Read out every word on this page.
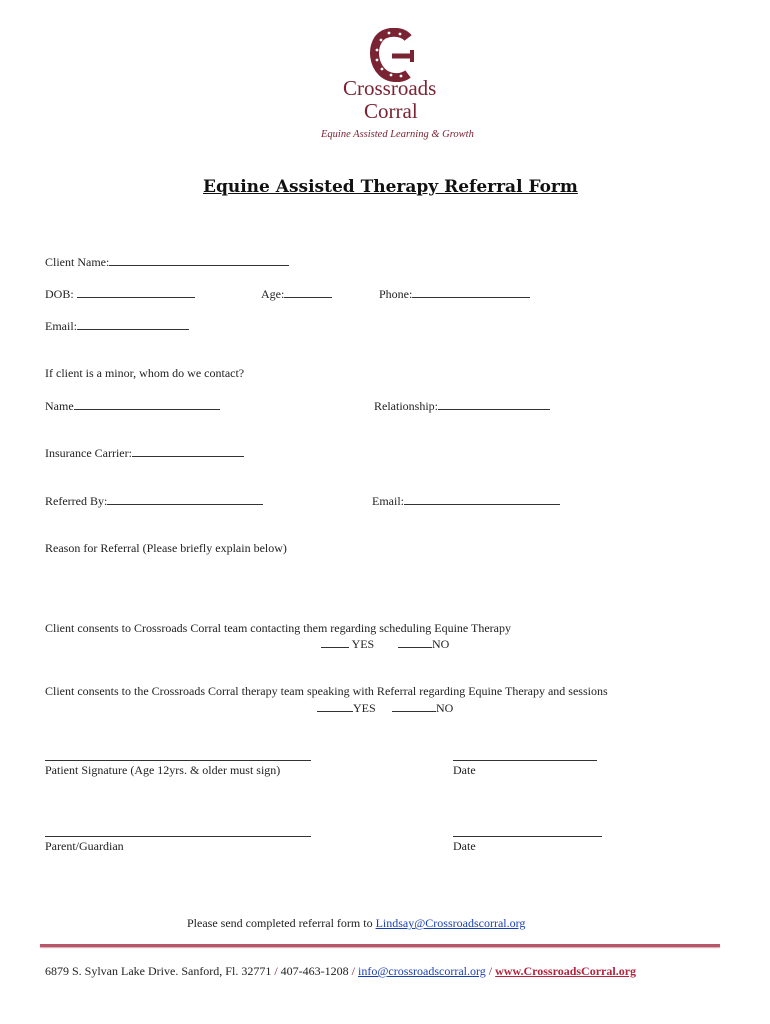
Crossroads
Corral
Equine Assisted Learning & Growth
Equine Assisted Therapy Referral Form
Client Name:
DOB:	Age:	Phone:
Email:
If client is a minor, whom do we contact?
Name	Relationship:
Insurance Carrier:
Referred By:	Email:
Reason for Referral (Please briefly explain below)
Client consents to Crossroads Corral team contacting them regarding scheduling Equine Therapy
YES	NO
Client consents to the Crossroads Corral therapy team speaking with Referral regarding Equine Therapy and sessions
YES	NO
Patient Signature (Age 12yrs. & older must sign)	Date
Parent/Guardian	Date
Please send completed referral form to Lindsay@Crossroadscorral.org
6879 S. Sylvan Lake Drive. Sanford, Fl. 32771 / 407-463-1208 / info@crossroadscorral.org / www.CrossroadsCorral.org
